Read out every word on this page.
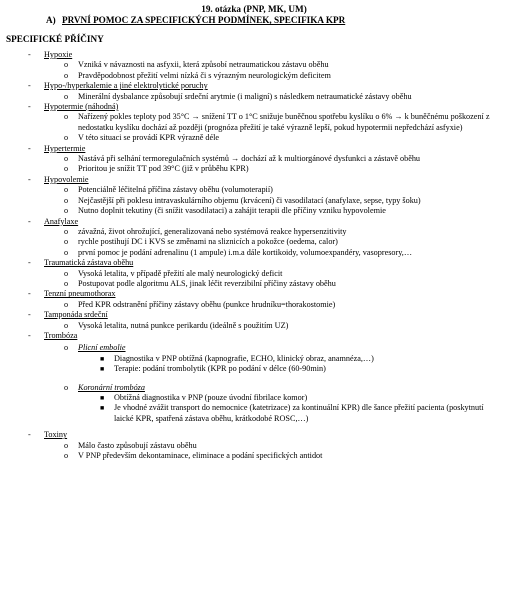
19. otázka (PNP, MK, UM)
A) PRVNÍ POMOC ZA SPECIFICKÝCH PODMÍNEK, SPECIFIKA KPR
SPECIFICKÉ PŘÍČINY
- Hypoxie
o Vzniká v návaznosti na asfyxii, která způsobí netraumatickou zástavu oběhu
o Pravděpodobnost přežití velmi nízká či s výrazným neurologickým deficitem
- Hypo-/hyperkalemie a jiné elektrolytické poruchy
o Minerální dysbalance způsobují srdeční arytmie (i maligní) s následkem netraumatické zástavy oběhu
- Hypotermie (náhodná)
o Nařízený pokles teploty pod 35°C → snížení TT o 1°C snižuje buněčnou spotřebu kyslíku o 6% → k buněčnému poškození z nedostatku kyslíku dochází až později (prognóza přežití je také výrazně lepší, pokud hypotermii nepředchází asfyxie)
o V této situaci se provádí KPR výrazně déle
- Hypertermie
o Nastává při selhání termoregulačních systémů → dochází až k multiorgánové dysfunkci a zástavě oběhu
o Prioritou je snížit TT pod 39°C (již v průběhu KPR)
- Hypovolemie
o Potenciálně léčitelná příčina zástavy oběhu (volumoterapií)
o Nejčastější při poklesu intravaskulárního objemu (krvácení) či vasodilatací (anafylaxe, sepse, typy šoku)
o Nutno doplnit tekutiny (či snížit vasodilataci) a zahájit terapii dle příčiny vzniku hypovolemie
- Anafylaxe
o závažná, život ohrožující, generalizovaná nebo systémová reakce hypersenzitivity
o rychle postihují DC i KVS se změnami na sliznicích a pokožce (oedema, calor)
o první pomoc je podání adrenalinu (1 ampule) i.m.a dále kortikoidy, volumoexpandéry, vasopresory,…
- Traumatická zástava oběhu
o Vysoká letalita, v případě přežití ale malý neurologický deficit
o Postupovat podle algoritmu ALS, jinak léčit reverzibilní příčiny zástavy oběhu
- Tenzní pneumothorax
o Před KPR odstranění příčiny zástavy oběhu (punkce hrudníku=thorakostomie)
- Tamponáda srdeční
o Vysoká letalita, nutná punkce perikardu (ideálně s použitím UZ)
- Trombóza
o Plicní embolie
■ Diagnostika v PNP obtížná (kapnografie, ECHO, klinický obraz, anamnéza,…)
■ Terapie: podání trombolytik (KPR po podání v délce (60-90min)
o Koronární trombóza
■ Obtížná diagnostika v PNP (pouze úvodní fibrilace komor)
■ Je vhodné zvážit transport do nemocnice (katetrizace) za kontinuální KPR) dle šance přežití pacienta (poskytnutí laické KPR, spatřená zástava oběhu, krátkodobé ROSC,…)
- Toxiny
o Málo často způsobují zástavu oběhu
o V PNP především dekontaminace, eliminace a podání specifických antidot
